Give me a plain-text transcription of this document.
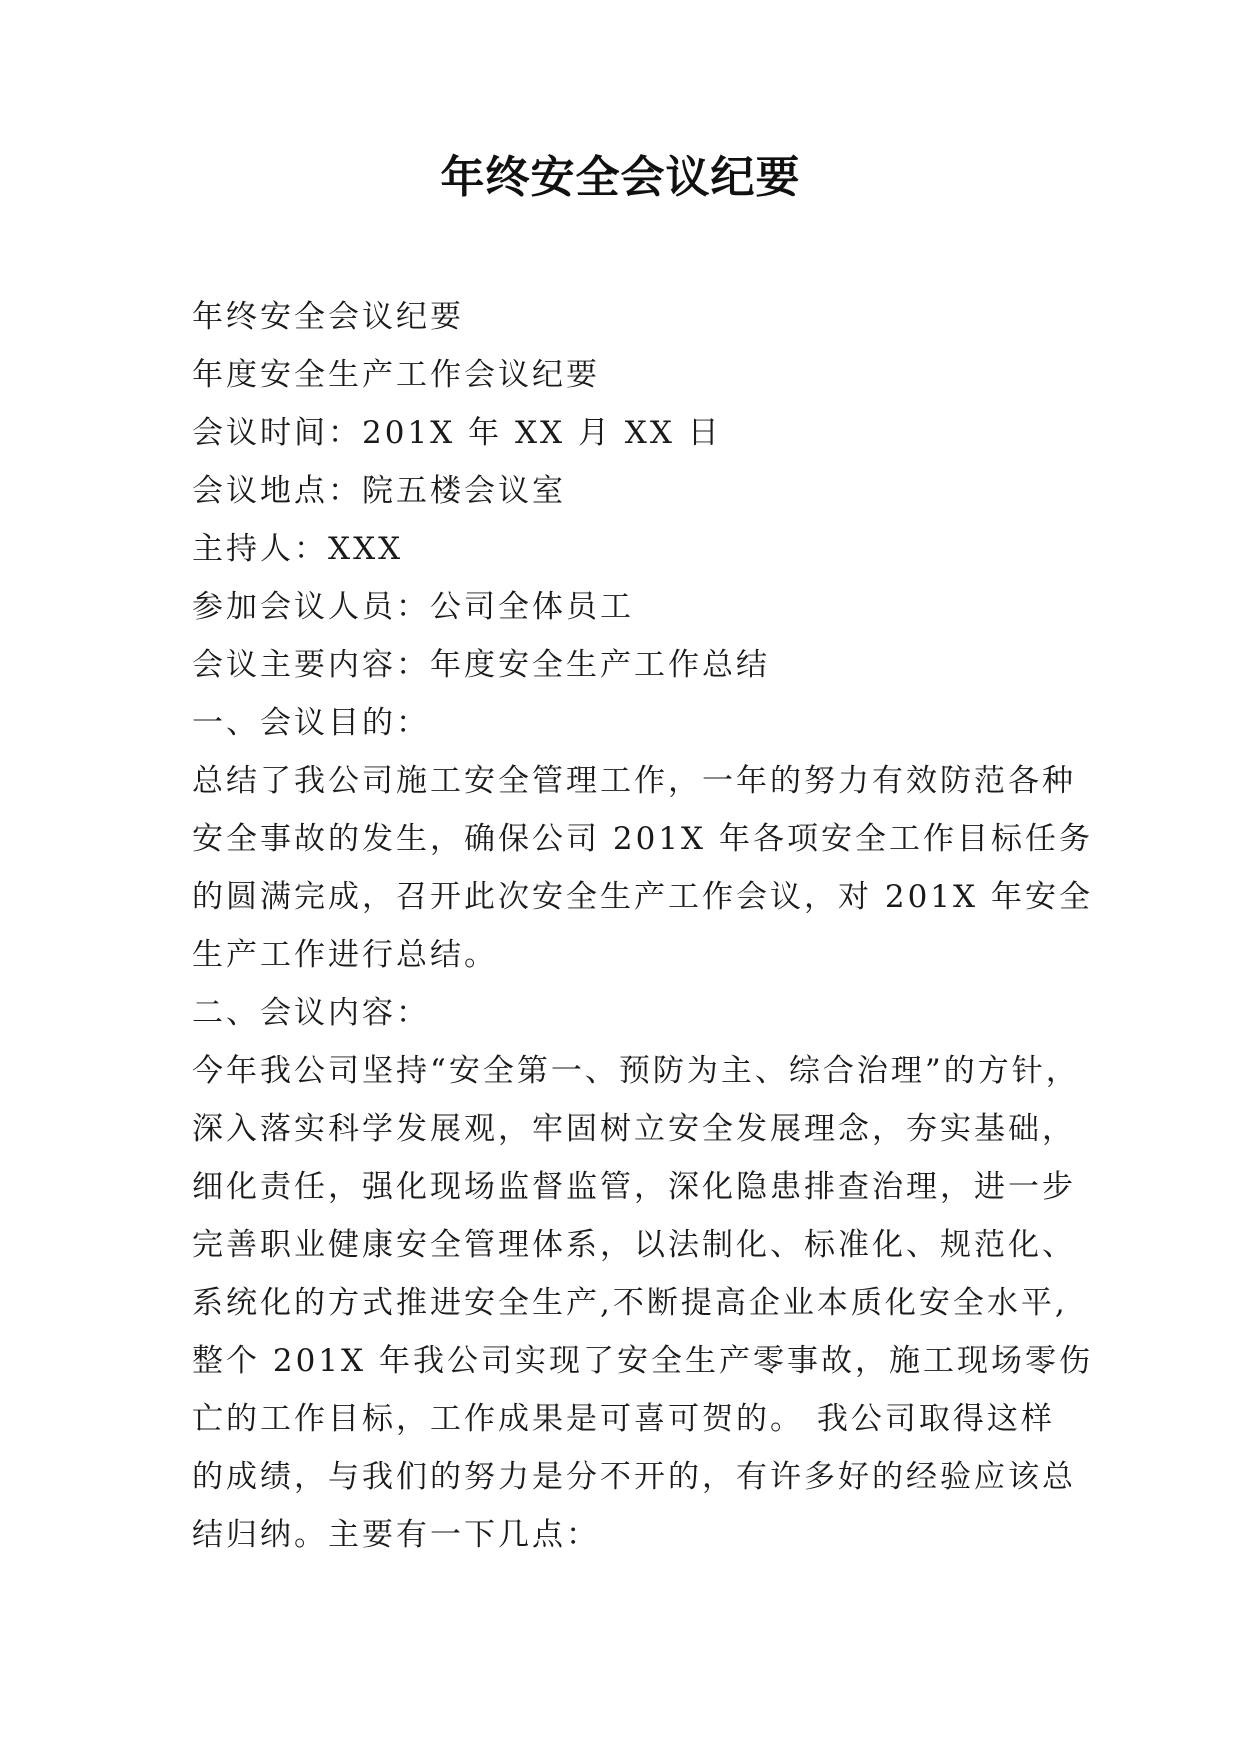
年终安全会议纪要
年终安全会议纪要
年度安全生产工作会议纪要
会议时间：201X 年 XX 月 XX 日
会议地点：院五楼会议室
主持人：XXX
参加会议人员：公司全体员工
会议主要内容：年度安全生产工作总结
一、会议目的：
总结了我公司施工安全管理工作，一年的努力有效防范各种
安全事故的发生，确保公司 201X 年各项安全工作目标任务
的圆满完成，召开此次安全生产工作会议，对 201X 年安全
生产工作进行总结。
二、会议内容：
今年我公司坚持“安全第一、预防为主、综合治理”的方针，
深入落实科学发展观，牢固树立安全发展理念，夯实基础，
细化责任，强化现场监督监管，深化隐患排查治理，进一步
完善职业健康安全管理体系，以法制化、标准化、规范化、
系统化的方式推进安全生产,不断提高企业本质化安全水平,
整个 201X 年我公司实现了安全生产零事故，施工现场零伤
亡的工作目标，工作成果是可喜可贺的。 我公司取得这样
的成绩，与我们的努力是分不开的，有许多好的经验应该总
结归纳。主要有一下几点：
